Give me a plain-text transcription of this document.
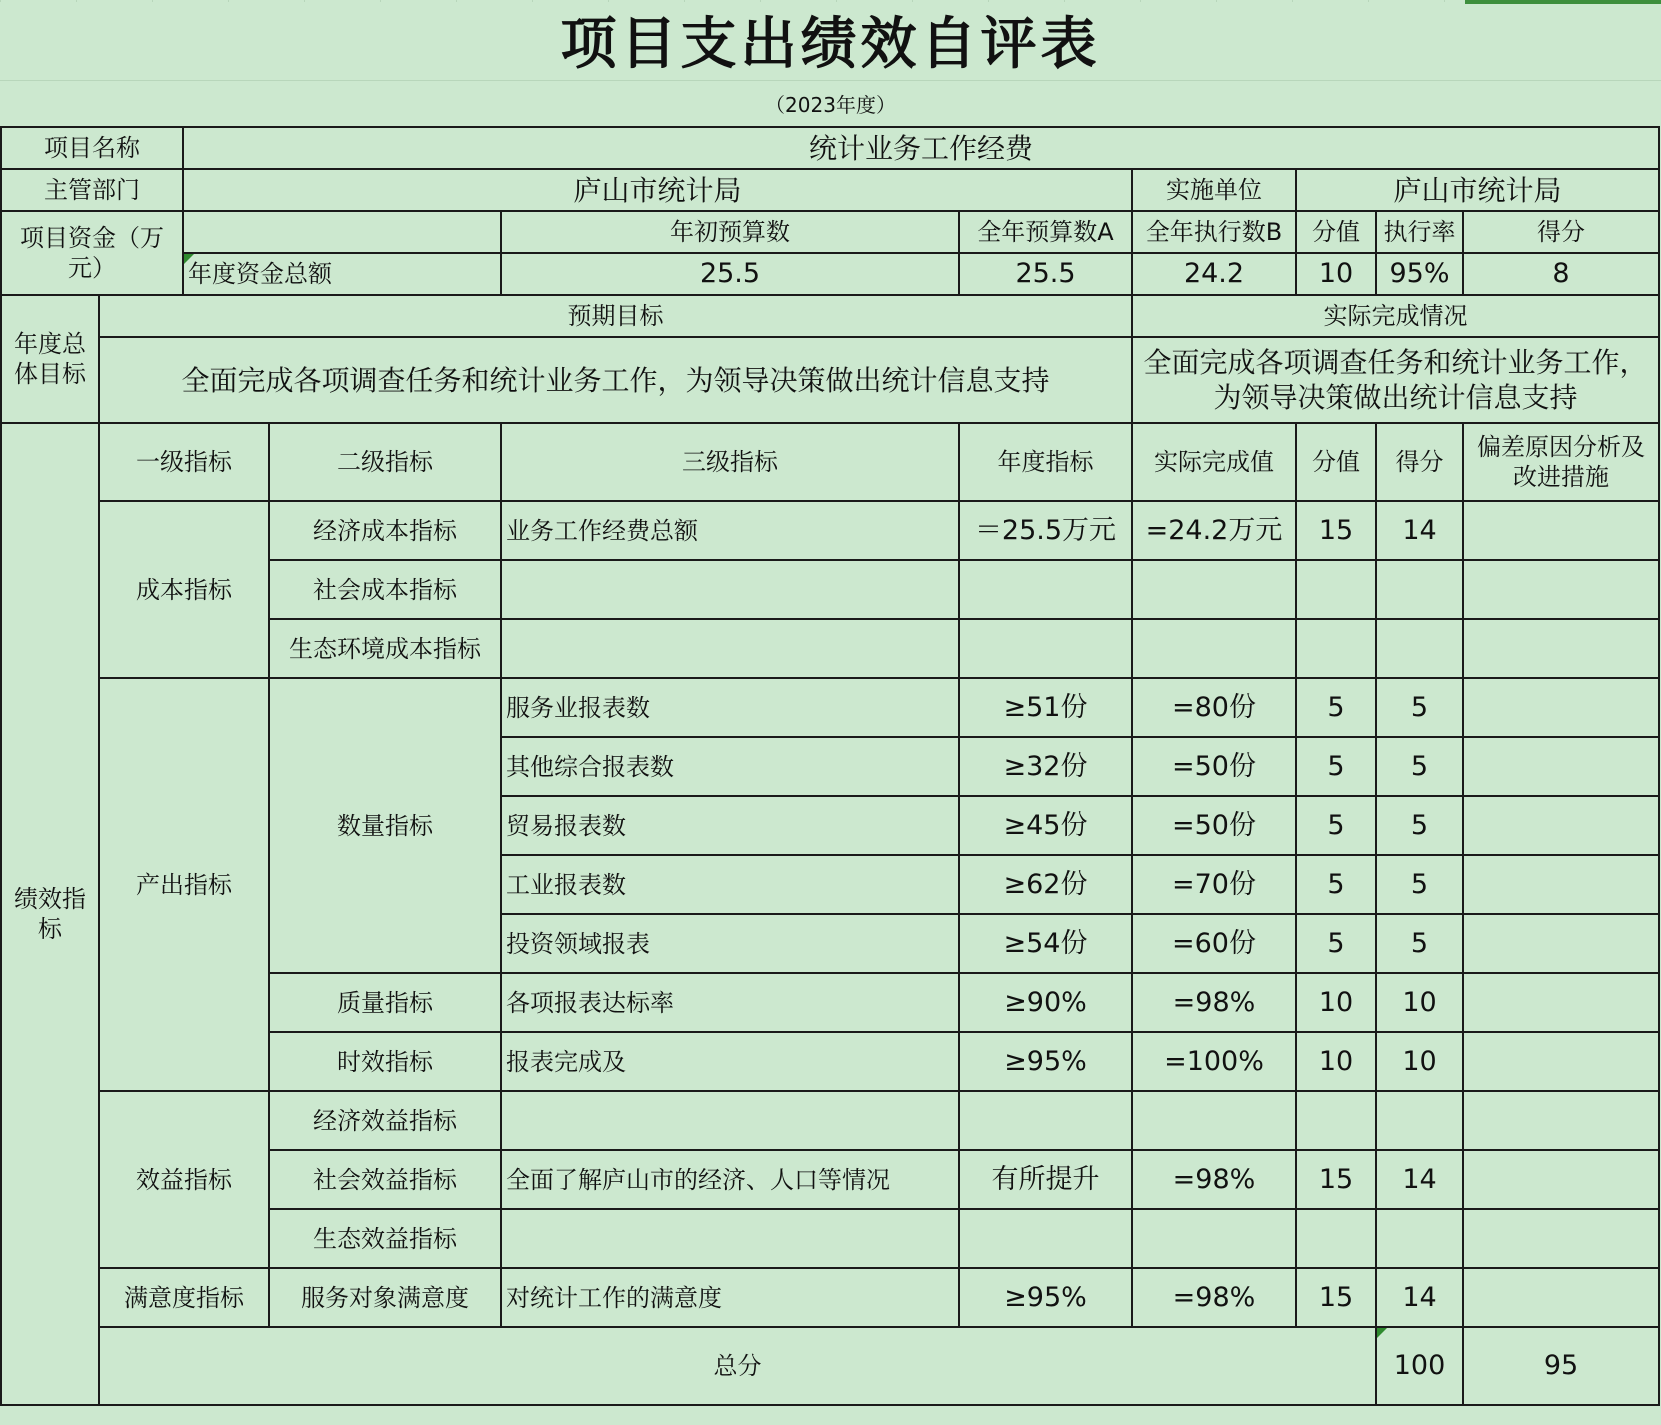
项目支出绩效自评表
（2023年度）
项目名称		统计业务工作经费								
主管部门		庐山市统计局				实施单位	庐山市统计局			
项目资金（万元）				年初预算数	全年预算数A	全年执行数B	分值	执行率	得分	
		年度资金总额		25.5	25.5	24.2	10	95%	8	
年度总体目标	预期目标					实际完成情况				
	全面完成各项调查任务和统计业务工作，为领导决策做出统计信息支持					全面完成各项调查任务和统计业务工作，为领导决策做出统计信息支持				
绩效指标	一级指标		二级指标	三级指标	年度指标	实际完成值	分值	得分	偏差原因分析及改进措施	
	成本指标		经济成本指标	业务工作经费总额	＝25.5万元	=24.2万元	15	14		
			社会成本指标							
			生态环境成本指标							
	产出指标		数量指标	服务业报表数	≥51份	=80份	5	5		
				其他综合报表数	≥32份	=50份	5	5		
				贸易报表数	≥45份	=50份	5	5		
				工业报表数	≥62份	=70份	5	5		
				投资领域报表	≥54份	=60份	5	5		
			质量指标	各项报表达标率	≥90%	=98%	10	10		
			时效指标	报表完成及	≥95%	=100%	10	10		
	效益指标		经济效益指标							
			社会效益指标	全面了解庐山市的经济、人口等情况	有所提升	=98%	15	14		
			生态效益指标							
	满意度指标		服务对象满意度	对统计工作的满意度	≥95%	=98%	15	14		
	总分							100	95	
